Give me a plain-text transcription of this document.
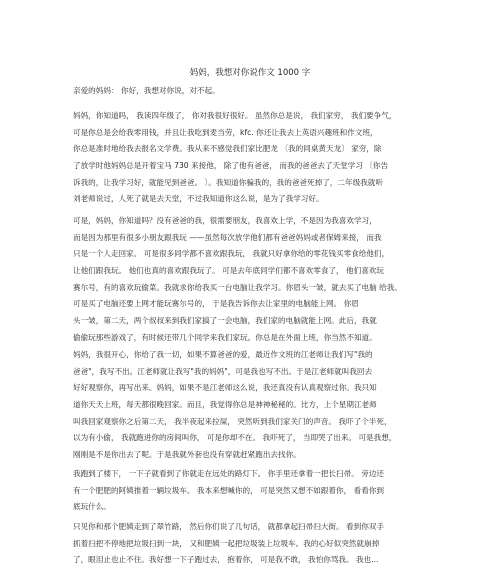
妈妈，我想对你说作文 1000 字
亲爱的妈妈： 你好，我想对你说，对不起。
妈妈，你知道吗， 我读四年级了， 你对我很好很好。 虽然你总是说， 我们家穷， 我们要争气，
可是你总是会给我零用钱，并且让我吃到麦当劳，kfc. 你还让我去上英语兴趣班和作文班，
你总是准时地给我去报名文学费。我从来不感觉我们家比肥龙 〔我的同桌黄天龙〕 家穷，除
了放学时他妈妈总是开着宝马 730 来接他， 除了他有爸爸， 而我的爸爸去了天堂学习 〔你告
诉我的，让我学习好，就能见到爸爸。 〕。我知道你骗我的，我的爸爸死掉了，二年级我就听
刘老师说过，人死了就是去天堂，不过我知道你这么说，是为了我学习好。
可是，妈妈，你知道吗？没有爸爸的我，很需要朋友，我喜欢上学，不是因为我喜欢学习，
而是因为那里有很多小朋友跟我玩 ——虽然每次放学他们都有爸爸妈妈或者保姆来接， 而我
只是一个人走回家。 可是很多同学都不喜欢跟我玩， 我就只好拿你给的零花钱买零食给他们，
让他们跟我玩。 他们也真的喜欢跟我玩了。 可是去年底同学们都不喜欢零食了， 他们喜欢玩
赛尔号，有的喜欢玩偷菜。我就求你给我买一台电脑让我学习。你眉头一皱，就去买了电脑 给我。
可是买了电脑还要上网才能玩赛尔号的， 于是我告诉你去让家里的电脑能上网。 你眉
头一皱，第二天，两个叔叔来到我们家搞了一会电脑，我们家的电脑就能上网。此后，我就
偷偷玩那些游戏了，有时候还带几个同学来我们家玩。你总是在外面上班，你当然不知道。
妈妈，我很开心，你给了我一切，如果不算爸爸的爱，最近作文班的江老师让我们写"我的
爸爸"，我写不出。江老师就让我写"我的妈妈"，可是我也写不出。于是江老师就叫我回去
好好观察你，再写出来。妈妈，如果不是江老师这么说，我还真没有认真观察过你。我只知
道你天天上班，每天都很晚回家。而且，我觉得你总是神神秘秘的。比方，上个星期江老师
叫我回家观察你之后第二天， 我半夜起来拉屎， 突然听到我们家关门的声音。 我吓了个半死，
以为有小偷， 我就跑进你的房间叫你， 可是你却不在。 我吓死了， 当即哭了出来。 可是我想，
刚刚是不是你出去了呢。于是我就外套也没有穿就赶紧跑出去找你。
我跑到了楼下， 一下子就看到了你就走在远处的路灯下。 你手里还拿着一把长扫帚。 旁边还
有一个肥肥的阿姨推着一辆垃圾车。 我本来想喊你的， 可是突然又想不如跟着你， 看看你到
底玩什么。
只见你和那个肥姨走到了翠竹路， 然后你们说了几句话， 就都拿起扫帚扫大街。 看到你双手
抓着扫把不停地把垃圾扫到一块， 又和肥姨一起把垃圾装上垃圾车。我的心好似突然就崩掉
了，眼泪止也止不住。我好想一下子跑过去， 抱着你， 可是我不敢， 我怕你骂我。 我也...
